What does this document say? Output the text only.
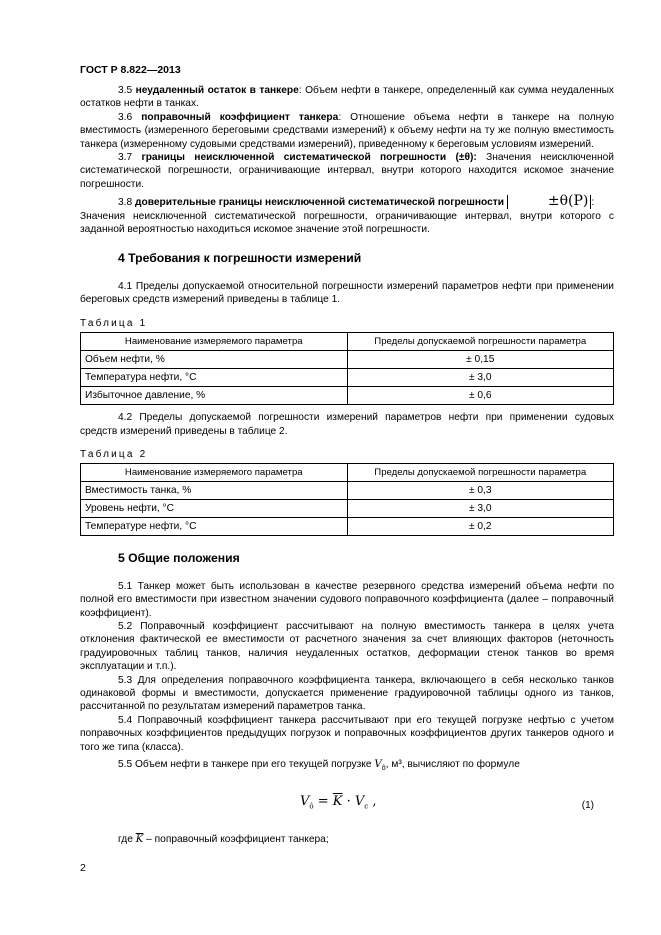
ГОСТ Р 8.822—2013

3.5 неудаленный остаток в танкере: Объем нефти в танкере, определенный как сумма неудаленных остатков нефти в танках.

3.6 поправочный коэффициент танкера: Отношение объема нефти в танкере на полную вместимость (измеренного береговыми средствами измерений) к объему нефти на ту же полную вместимость танкера (измеренному судовыми средствами измерений), приведенному к береговым условиям измерений.

3.7 границы неисключенной систематической погрешности (±θ): Значения неисключенной систематической погрешности, ограничивающие интервал, внутри которого находится искомое значение погрешности.

3.8 доверительные границы неисключенной систематической погрешности	±θ(P) :

Значения неисключенной систематической погрешности, ограничивающие интервал, внутри которого с заданной вероятностью находиться искомое значение этой погрешности.

4 Требования к погрешности измерений

4.1 Пределы допускаемой относительной погрешности измерений параметров нефти при применении береговых средств измерений приведены в таблице 1.

Таблица 1
Наименование измеряемого параметра	Пределы допускаемой погрешности параметра
Объем нефти, %	± 0,15
Температура нефти, °С	± 3,0
Избыточное давление, %	± 0,6

4.2 Пределы допускаемой погрешности измерений параметров нефти при применении судовых средств измерений приведены в таблице 2.

Таблица 2
Наименование измеряемого параметра	Пределы допускаемой погрешности параметра
Вместимость танка, %	± 0,3
Уровень нефти, °С	± 3,0
Температуре нефти, °С	± 0,2
5 Общие положения

5.1 Танкер может быть использован в качестве резервного средства измерений объема нефти по полной его вместимости при известном значении судового поправочного коэффициента (далее – поправочный коэффициент).

5.2 Поправочный коэффициент рассчитывают на полную вместимость танкера в целях учета отклонения фактической ее вместимости от расчетного значения за счет влияющих факторов (неточность градуировочных таблиц танков, наличия неудаленных остатков, деформации стенок танков во время эксплуатации и т.п.).

5.3 Для определения поправочного коэффициента танкера, включающего в себя несколько танков одинаковой формы и вместимости, допускается применение градуировочной таблицы одного из танков, рассчитанной по результатам измерений параметров танка.

5.4 Поправочный коэффициент танкера рассчитывают при его текущей погрузке нефтью с учетом поправочных коэффициентов предыдущих погрузок и поправочных коэффициентов других танкеров одного и того же типа (класса).

5.5 Объем нефти в танкере при его текущей погрузке $V_ô$, м³, вычисляют по формуле

$V_ô = \overline{K} \cdot V_c$ ,	(1)

где $\overline{K}$ – поправочный коэффициент танкера;

2
